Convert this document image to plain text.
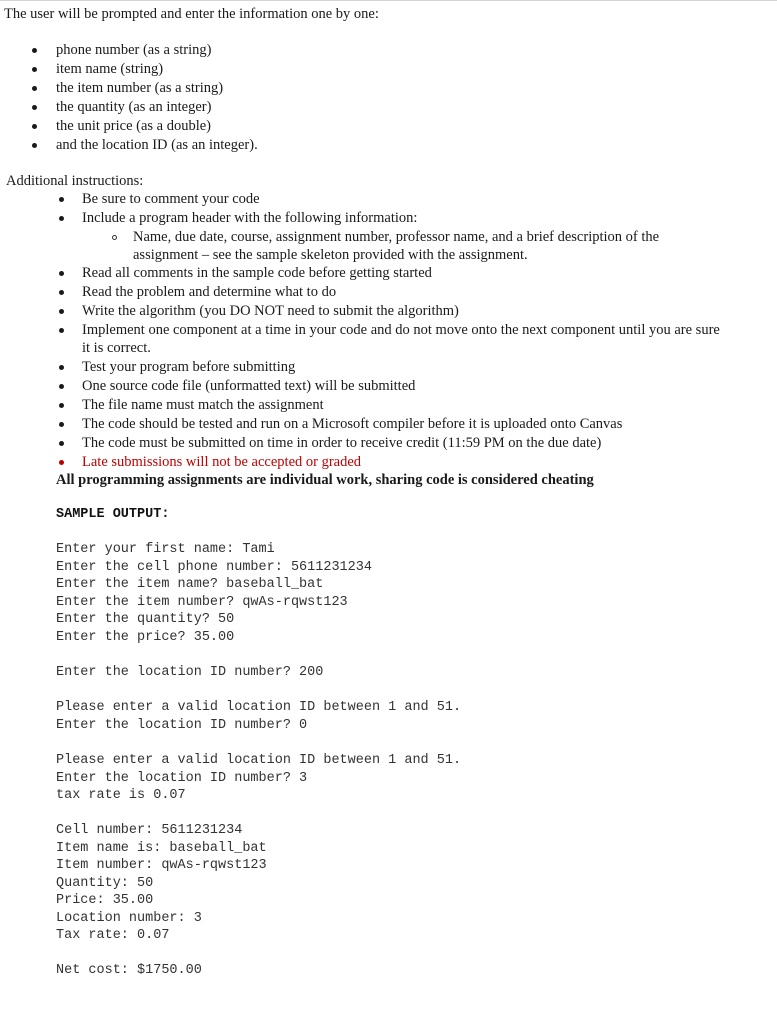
The user will be prompted and enter the information one by one:
phone number (as a string)
item name (string)
the item number (as a string)
the quantity (as an integer)
the unit price (as a double)
and the location ID (as an integer).
Additional instructions:
Be sure to comment your code
Include a program header with the following information:
Name, due date, course, assignment number, professor name, and a brief description of the
assignment – see the sample skeleton provided with the assignment.
Read all comments in the sample code before getting started
Read the problem and determine what to do
Write the algorithm (you DO NOT need to submit the algorithm)
Implement one component at a time in your code and do not move onto the next component until you are sure
it is correct.
Test your program before submitting
One source code file (unformatted text) will be submitted
The file name must match the assignment
The code should be tested and run on a Microsoft compiler before it is uploaded onto Canvas
The code must be submitted on time in order to receive credit (11:59 PM on the due date)
Late submissions will not be accepted or graded
All programming assignments are individual work, sharing code is considered cheating
SAMPLE OUTPUT:
Enter your first name: Tami
Enter the cell phone number: 5611231234
Enter the item name? baseball_bat
Enter the item number? qwAs-rqwst123
Enter the quantity? 50
Enter the price? 35.00
Enter the location ID number? 200
Please enter a valid location ID between 1 and 51.
Enter the location ID number? 0
Please enter a valid location ID between 1 and 51.
Enter the location ID number? 3
tax rate is 0.07
Cell number: 5611231234
Item name is: baseball_bat
Item number: qwAs-rqwst123
Quantity: 50
Price: 35.00
Location number: 3
Tax rate: 0.07
Net cost: $1750.00
